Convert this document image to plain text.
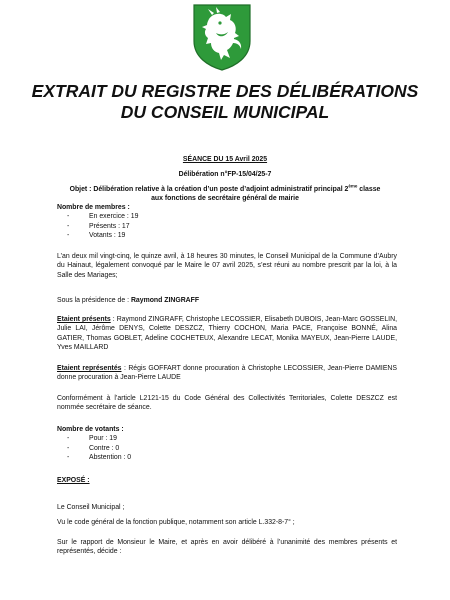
EXTRAIT DU REGISTRE DES DÉLIBÉRATIONS
DU CONSEIL MUNICIPAL
SÉANCE DU 15 Avril 2025
Délibération n°FP-15/04/25-7
Objet : Délibération relative à la création d’un poste d’adjoint administratif principal 2ème classe
aux fonctions de secrétaire général de mairie
Nombre de membres :
- En exercice : 19
- Présents : 17
- Votants : 19
L’an deux mil vingt-cinq, le quinze avril, à 18 heures 30 minutes, le Conseil Municipal de la Commune d’Aubry du Hainaut, légalement convoqué par le Maire le 07 avril 2025, s’est réuni au nombre prescrit par la loi, à la Salle des Mariages;
Sous la présidence de : Raymond ZINGRAFF
Etaient présents : Raymond ZINGRAFF, Christophe LECOSSIER, Elisabeth DUBOIS, Jean-Marc GOSSELIN, Julie LAI, Jérôme DENYS, Colette DESZCZ, Thierry COCHON, Maria PACE, Françoise BONNÉ, Alina GATIER, Thomas GOBLET, Adeline COCHETEUX, Alexandre LECAT, Monika MAYEUX, Jean-Pierre LAUDE, Yves MAILLARD
Etaient représentés : Régis GOFFART donne procuration à Christophe LECOSSIER, Jean-Pierre DAMIENS donne procuration à Jean-Pierre LAUDE
Conformément à l’article L2121-15 du Code Général des Collectivités Territoriales, Colette DESZCZ est nommée secrétaire de séance.
Nombre de votants :
- Pour : 19
- Contre : 0
- Abstention : 0
EXPOSÉ :
Le Conseil Municipal ;
Vu le code général de la fonction publique, notamment son article L.332-8-7° ;
Sur le rapport de Monsieur le Maire, et après en avoir délibéré à l’unanimité des membres présents et représentés, décide :
